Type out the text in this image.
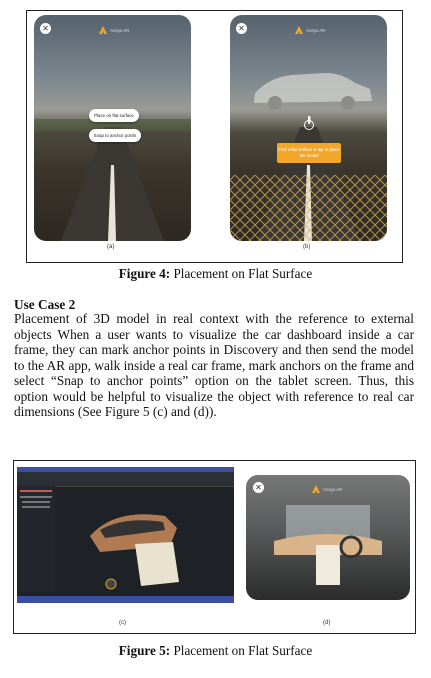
✕	Ansys AR
Place on flat surface
Snap to anchor points
(a)
✕	Ansys AR
Find a flat surface & tap to place the model
(b)
Figure 4: Placement on Flat Surface
Use Case 2
Placement of 3D model in real context with the reference to external objects When a user wants to visualize the car dashboard inside a car frame, they can mark anchor points in Discovery and then send the model to the AR app, walk inside a real car frame, mark anchors on the frame and select “Snap to anchor points” option on the tablet screen. Thus, this option would be helpful to visualize the object with reference to real car dimensions (See Figure 5 (c) and (d)).
(c)
✕	Ansys AR
(d)
Figure 5: Placement on Flat Surface
